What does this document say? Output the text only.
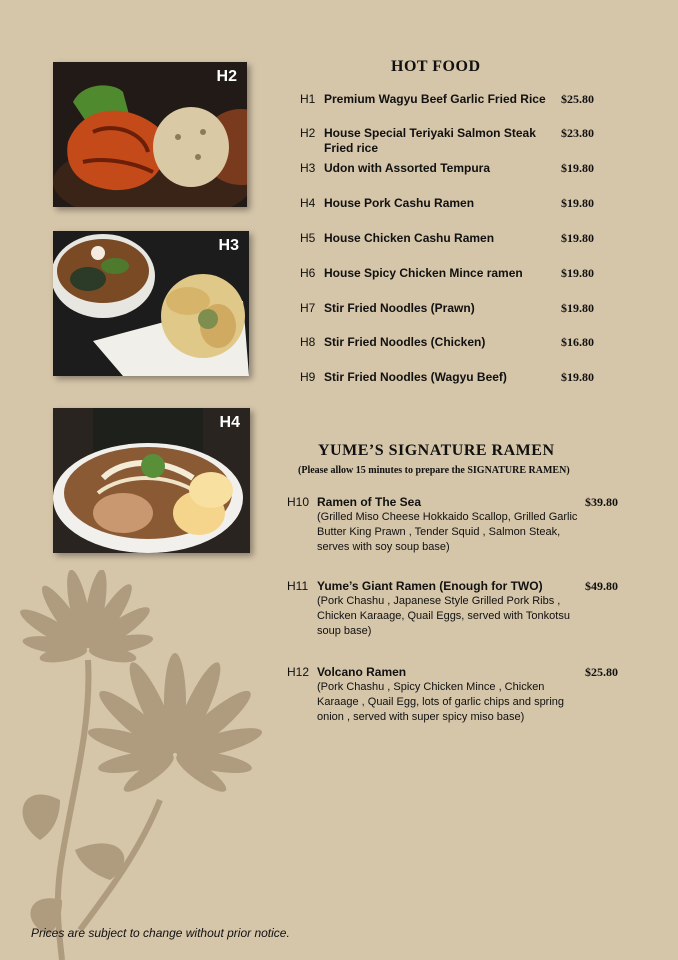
H2
H3
H4
HOT FOOD
H1 Premium Wagyu Beef Garlic Fried Rice	$25.80
H2 House Special Teriyaki Salmon Steak Fried rice
$23.80
H3 Udon with Assorted Tempura	$19.80
H4 House Pork Cashu Ramen	$19.80
H5 House Chicken Cashu Ramen	$19.80
H6 House Spicy Chicken Mince ramen	$19.80
H7 Stir Fried Noodles (Prawn)	$19.80
H8 Stir Fried Noodles (Chicken)	$16.80
H9 Stir Fried Noodles (Wagyu Beef)	$19.80
YUME’S SIGNATURE RAMEN
(Please allow 15 minutes to prepare the SIGNATURE RAMEN)
H10 Ramen of The Sea	$39.80
(Grilled Miso Cheese Hokkaido Scallop, Grilled Garlic Butter King Prawn , Tender Squid , Salmon Steak, serves with soy soup base)
H11 Yume’s Giant Ramen (Enough for TWO)	$49.80
(Pork Chashu , Japanese Style Grilled Pork Ribs , Chicken Karaage, Quail Eggs, served with Tonkotsu soup base)
H12 Volcano Ramen	$25.80
(Pork Chashu , Spicy Chicken Mince , Chicken Karaage , Quail Egg, lots of garlic chips and spring onion , served with super spicy miso base)
Prices are subject to change without prior notice.
